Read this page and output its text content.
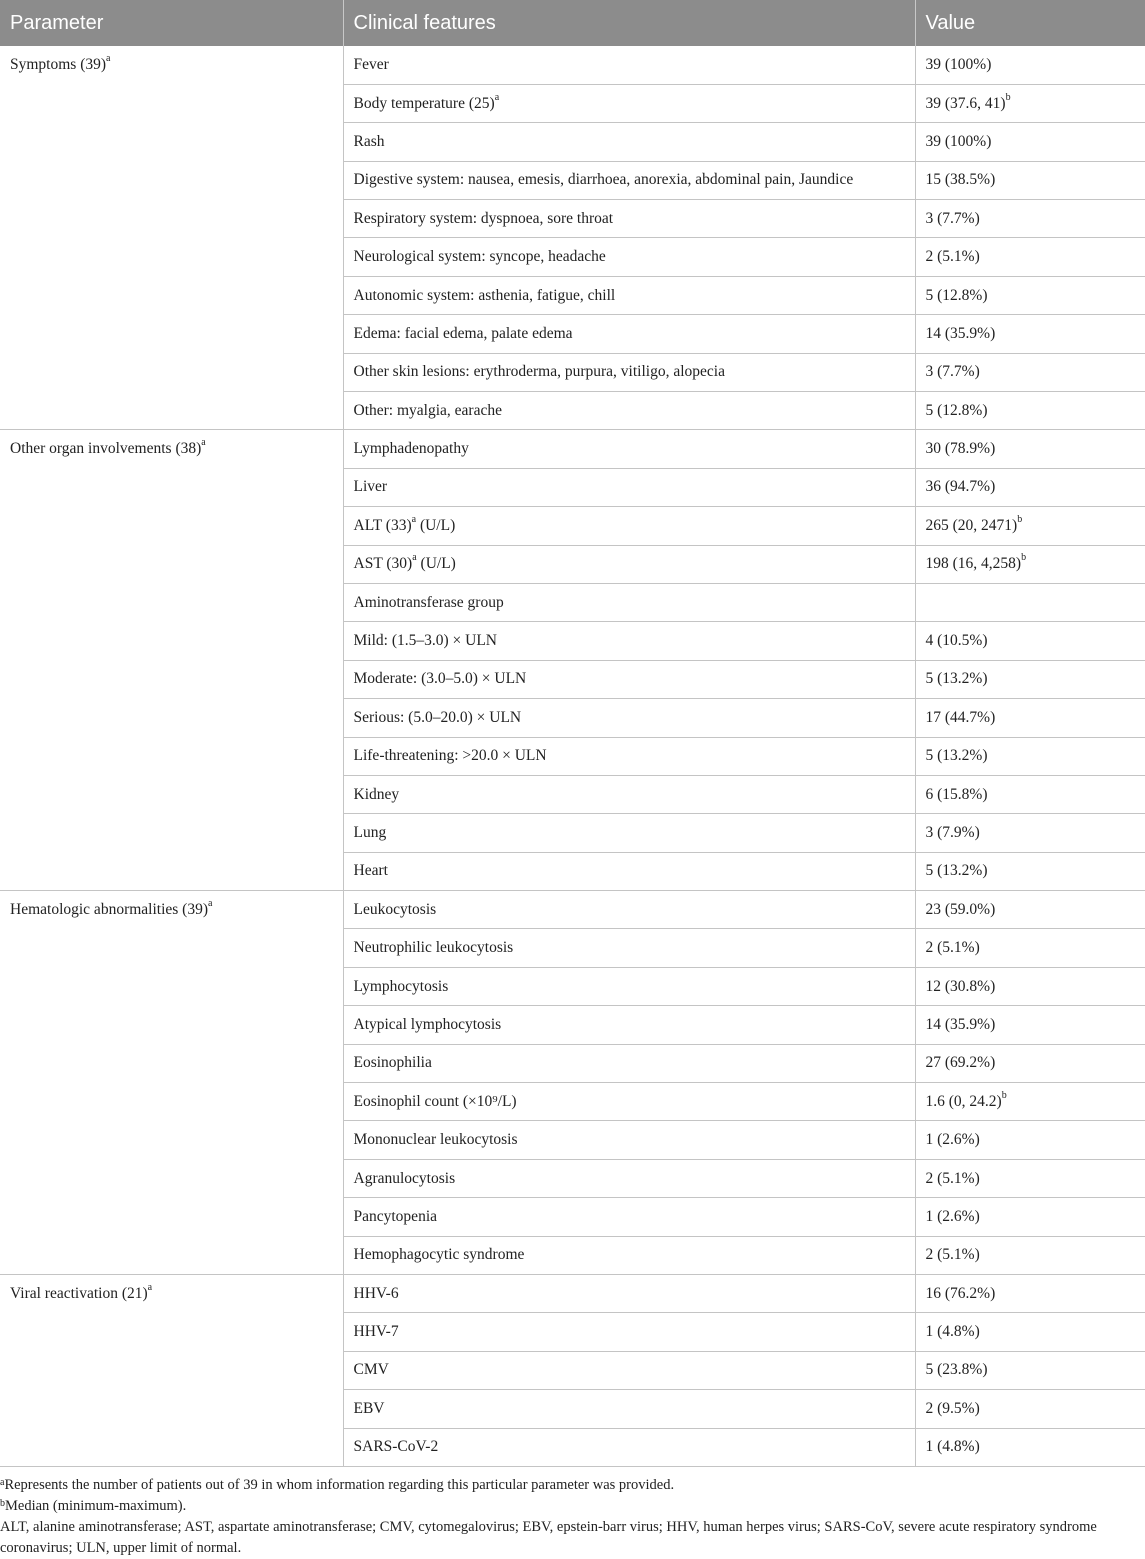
Parameter	Clinical features	Value
Symptoms $(39)^a$	Fever	39 (100%)
	Body temperature $(25)^a$	39 (37.6, 41)$^b$
	Rash	39 (100%)
	Digestive system: nausea, emesis, diarrhoea, anorexia, abdominal pain, Jaundice	15 (38.5%)
	Respiratory system: dyspnoea, sore throat	3 (7.7%)
	Neurological system: syncope, headache	2 (5.1%)
	Autonomic system: asthenia, fatigue, chill	5 (12.8%)
	Edema: facial edema, palate edema	14 (35.9%)
	Other skin lesions: erythroderma, purpura, vitiligo, alopecia	3 (7.7%)
	Other: myalgia, earache	5 (12.8%)
Other organ involvements $(38)^a$	Lymphadenopathy	30 (78.9%)
	Liver	36 (94.7%)
	ALT $(33)^a$ (U/L)	265 (20, 2471)$^b$
	AST $(30)^a$ (U/L)	198 (16, 4,258)$^b$
	Aminotransferase group	
	Mild: (1.5–3.0) × ULN	4 (10.5%)
	Moderate: (3.0–5.0) × ULN	5 (13.2%)
	Serious: (5.0–20.0) × ULN	17 (44.7%)
	Life-threatening: >20.0 × ULN	5 (13.2%)
	Kidney	6 (15.8%)
	Lung	3 (7.9%)
	Heart	5 (13.2%)
Hematologic abnormalities $(39)^a$	Leukocytosis	23 (59.0%)
	Neutrophilic leukocytosis	2 (5.1%)
	Lymphocytosis	12 (30.8%)
	Atypical lymphocytosis	14 (35.9%)
	Eosinophilia	27 (69.2%)
	Eosinophil count (×10⁹/L)	1.6 (0, 24.2)$^b$
	Mononuclear leukocytosis	1 (2.6%)
	Agranulocytosis	2 (5.1%)
	Pancytopenia	1 (2.6%)
	Hemophagocytic syndrome	2 (5.1%)
Viral reactivation $(21)^a$	HHV-6	16 (76.2%)
	HHV-7	1 (4.8%)
	CMV	5 (23.8%)
	EBV	2 (9.5%)
	SARS-CoV-2	1 (4.8%)
$^a$Represents the number of patients out of 39 in whom information regarding this particular parameter was provided.
$^b$Median (minimum-maximum).
ALT, alanine aminotransferase; AST, aspartate aminotransferase; CMV, cytomegalovirus; EBV, epstein-barr virus; HHV, human herpes virus; SARS-CoV, severe acute respiratory syndrome coronavirus; ULN, upper limit of normal.
